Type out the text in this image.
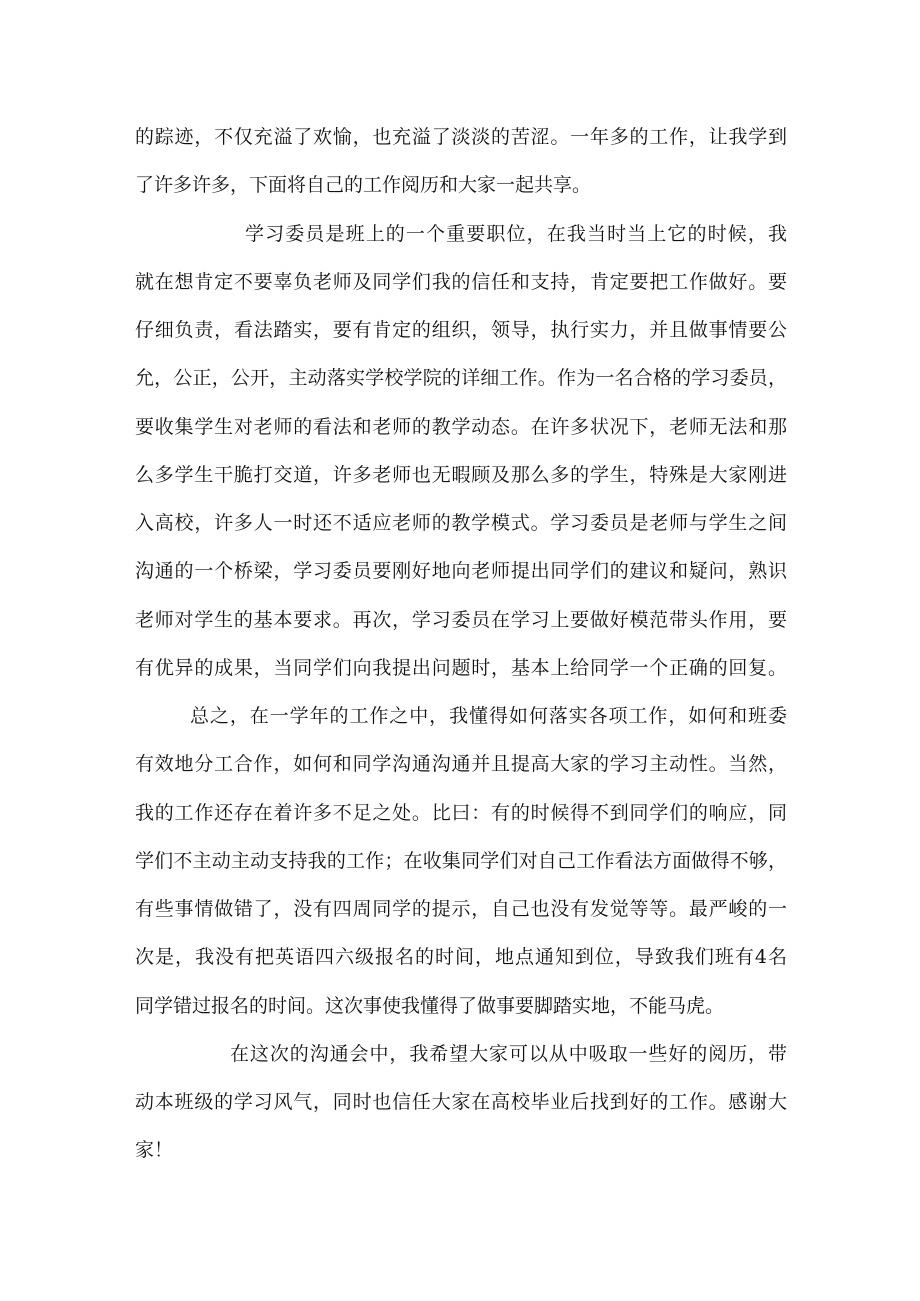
的踪迹，不仅充溢了欢愉，也充溢了淡淡的苦涩。一年多的工作，让我学到
了许多许多，下面将自己的工作阅历和大家一起共享。
学习委员是班上的一个重要职位，在我当时当上它的时候，我
就在想肯定不要辜负老师及同学们我的信任和支持，肯定要把工作做好。要
仔细负责，看法踏实，要有肯定的组织，领导，执行实力，并且做事情要公
允，公正，公开，主动落实学校学院的详细工作。作为一名合格的学习委员，
要收集学生对老师的看法和老师的教学动态。在许多状况下，老师无法和那
么多学生干脆打交道，许多老师也无暇顾及那么多的学生，特殊是大家刚进
入高校，许多人一时还不适应老师的教学模式。学习委员是老师与学生之间
沟通的一个桥梁，学习委员要刚好地向老师提出同学们的建议和疑问，熟识
老师对学生的基本要求。再次，学习委员在学习上要做好模范带头作用，要
有优异的成果，当同学们向我提出问题时，基本上给同学一个正确的回复。
总之，在一学年的工作之中，我懂得如何落实各项工作，如何和班委
有效地分工合作，如何和同学沟通沟通并且提高大家的学习主动性。当然，
我的工作还存在着许多不足之处。比曰：有的时候得不到同学们的响应，同
学们不主动主动支持我的工作；在收集同学们对自己工作看法方面做得不够，
有些事情做错了，没有四周同学的提示，自己也没有发觉等等。最严峻的一
次是，我没有把英语四六级报名的时间，地点通知到位，导致我们班有4名
同学错过报名的时间。这次事使我懂得了做事要脚踏实地，不能马虎。
在这次的沟通会中，我希望大家可以从中吸取一些好的阅历，带
动本班级的学习风气，同时也信任大家在高校毕业后找到好的工作。感谢大
家！
